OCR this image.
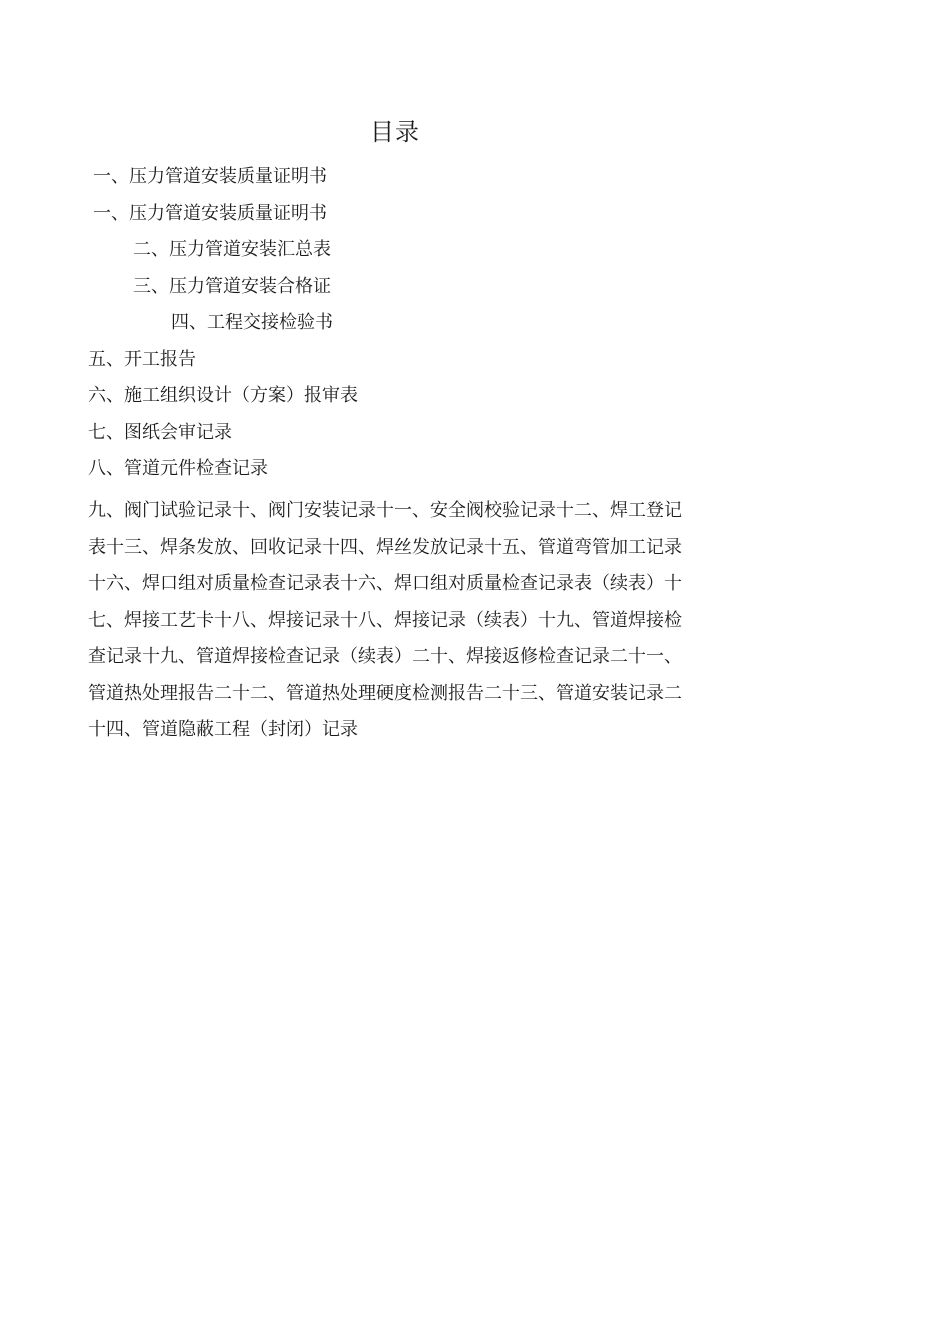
目录
一、压力管道安装质量证明书
一、压力管道安装质量证明书
二、压力管道安装汇总表
三、压力管道安装合格证
四、工程交接检验书
五、开工报告
六、施工组织设计（方案）报审表
七、图纸会审记录
八、管道元件检查记录
九、阀门试验记录十、阀门安装记录十一、安全阀校验记录十二、焊工登记表十三、焊条发放、回收记录十四、焊丝发放记录十五、管道弯管加工记录十六、焊口组对质量检查记录表十六、焊口组对质量检查记录表（续表）十七、焊接工艺卡十八、焊接记录十八、焊接记录（续表）十九、管道焊接检查记录十九、管道焊接检查记录（续表）二十、焊接返修检查记录二十一、管道热处理报告二十二、管道热处理硬度检测报告二十三、管道安装记录二十四、管道隐蔽工程（封闭）记录
